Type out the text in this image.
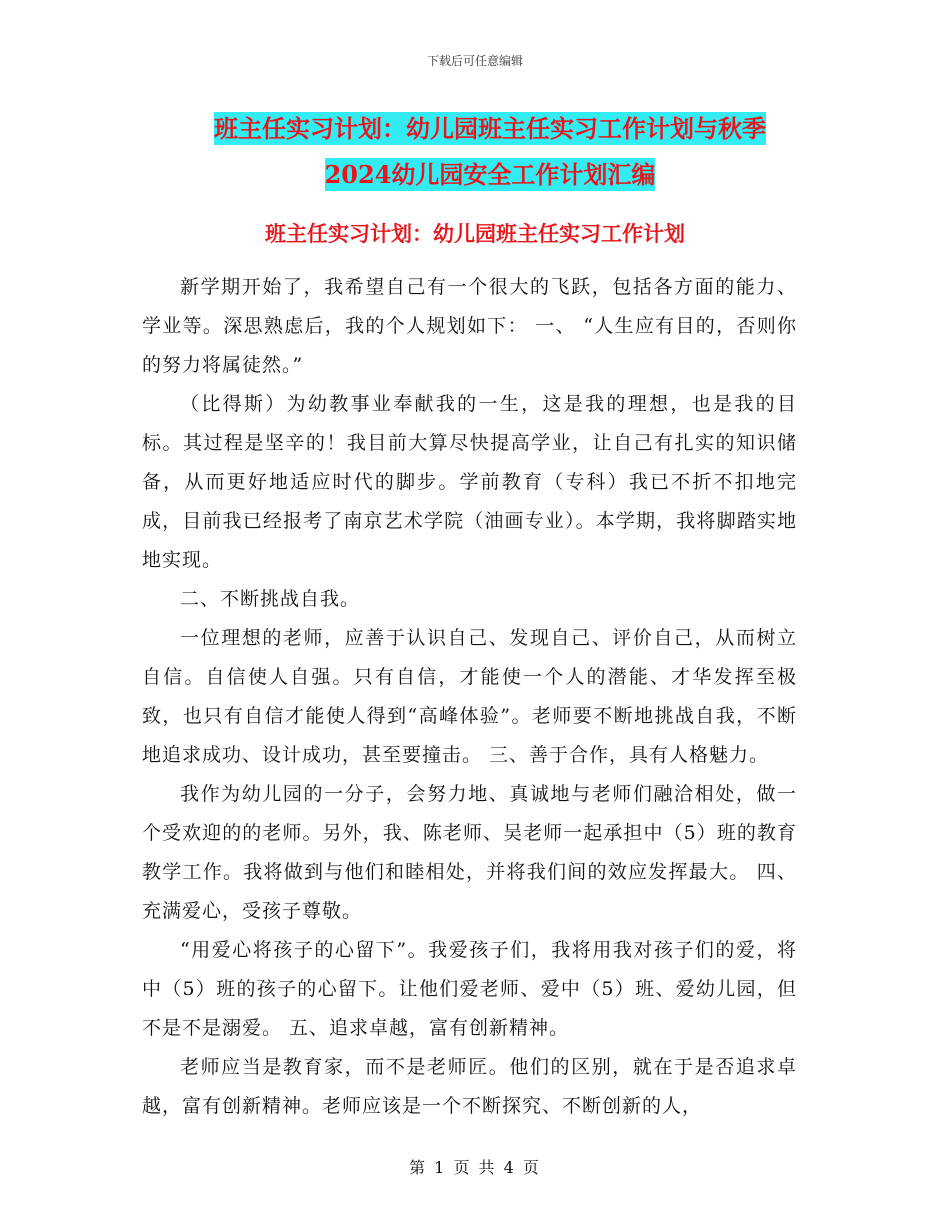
下载后可任意编辑
班主任实习计划：幼儿园班主任实习工作计划与秋季
2024幼儿园安全工作计划汇编
班主任实习计划：幼儿园班主任实习工作计划

新学期开始了，我希望自己有一个很大的飞跃，包括各方面的能力、学业等。深思熟虑后，我的个人规划如下： 一、 “人生应有目的，否则你的努力将属徒然。”

（比得斯）为幼教事业奉献我的一生，这是我的理想，也是我的目标。其过程是坚辛的！我目前大算尽快提高学业，让自己有扎实的知识储备，从而更好地适应时代的脚步。学前教育（专科）我已不折不扣地完成，目前我已经报考了南京艺术学院（油画专业）。本学期，我将脚踏实地地实现。

二、不断挑战自我。

一位理想的老师，应善于认识自己、发现自己、评价自己，从而树立自信。自信使人自强。只有自信，才能使一个人的潜能、才华发挥至极致，也只有自信才能使人得到“高峰体验”。老师要不断地挑战自我，不断地追求成功、设计成功，甚至要撞击。 三、善于合作，具有人格魅力。

我作为幼儿园的一分子，会努力地、真诚地与老师们融洽相处，做一个受欢迎的的老师。另外，我、陈老师、吴老师一起承担中（5）班的教育教学工作。我将做到与他们和睦相处，并将我们间的效应发挥最大。 四、充满爱心，受孩子尊敬。

“用爱心将孩子的心留下”。我爱孩子们，我将用我对孩子们的爱，将中（5）班的孩子的心留下。让他们爱老师、爱中（5）班、爱幼儿园，但不是不是溺爱。 五、追求卓越，富有创新精神。

老师应当是教育家，而不是老师匠。他们的区别，就在于是否追求卓越，富有创新精神。老师应该是一个不断探究、不断创新的人，

第 1 页 共 4 页
